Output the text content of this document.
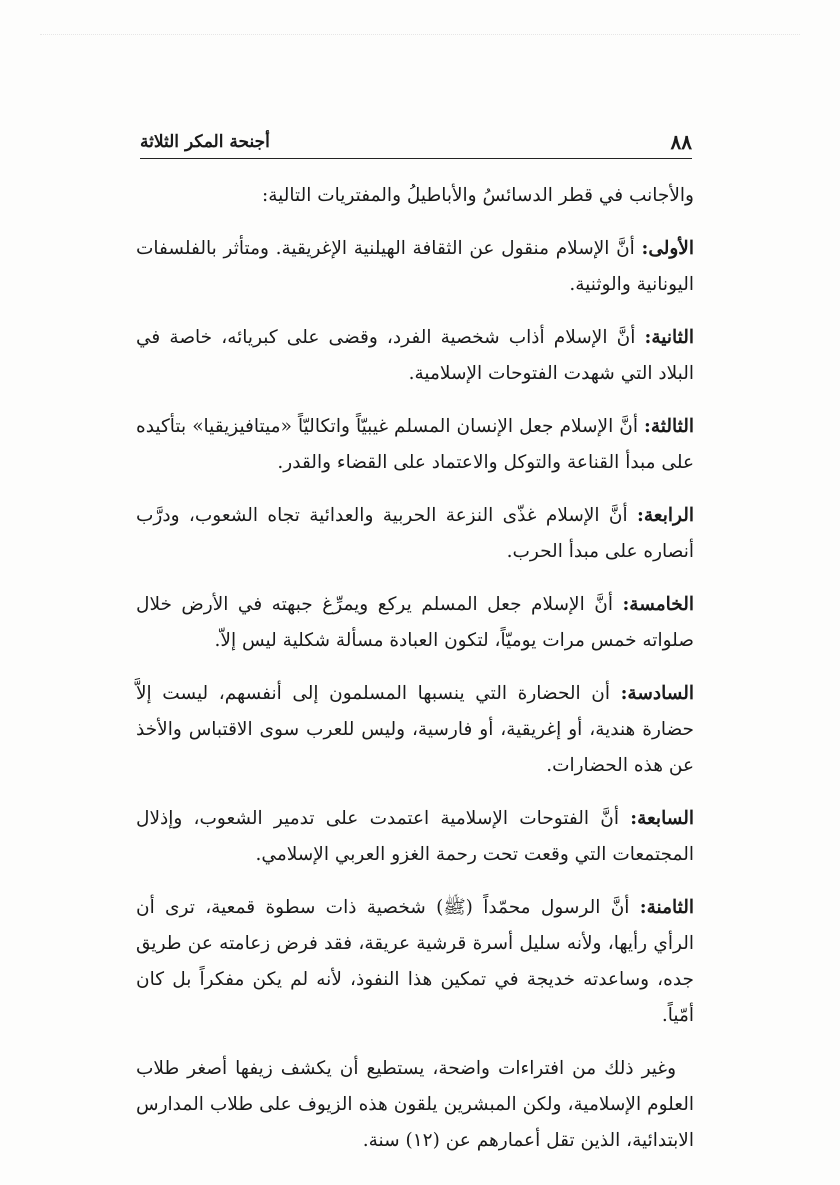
٨٨
أجنحة المكر الثلاثة

والأجانب في قطر الدسائسُ والأباطيلُ والمفتريات التالية:

الأولى: أنَّ الإسلام منقول عن الثقافة الهيلنية الإغريقية. ومتأثر بالفلسفات اليونانية والوثنية.

الثانية: أنَّ الإسلام أذاب شخصية الفرد، وقضى على كبريائه، خاصة في البلاد التي شهدت الفتوحات الإسلامية.

الثالثة: أنَّ الإسلام جعل الإنسان المسلم غيبيّاً واتكاليّاً «ميتافيزيقيا» بتأكيده على مبدأ القناعة والتوكل والاعتماد على القضاء والقدر.

الرابعة: أنَّ الإسلام غذّى النزعة الحربية والعدائية تجاه الشعوب، ودرَّب أنصاره على مبدأ الحرب.

الخامسة: أنَّ الإسلام جعل المسلم يركع ويمرِّغ جبهته في الأرض خلال صلواته خمس مرات يوميّاً، لتكون العبادة مسألة شكلية ليس إلاّ.

السادسة: أن الحضارة التي ينسبها المسلمون إلى أنفسهم، ليست إلاَّ حضارة هندية، أو إغريقية، أو فارسية، وليس للعرب سوى الاقتباس والأخذ عن هذه الحضارات.

السابعة: أنَّ الفتوحات الإسلامية اعتمدت على تدمير الشعوب، وإذلال المجتمعات التي وقعت تحت رحمة الغزو العربي الإسلامي.

الثامنة: أنَّ الرسول محمّداً (ﷺ) شخصية ذات سطوة قمعية، ترى أن الرأي رأيها، ولأنه سليل أسرة قرشية عريقة، فقد فرض زعامته عن طريق جده، وساعدته خديجة في تمكين هذا النفوذ، لأنه لم يكن مفكراً بل كان أمّياً.

وغير ذلك من افتراءات واضحة، يستطيع أن يكشف زيفها أصغر طلاب العلوم الإسلامية، ولكن المبشرين يلقون هذه الزيوف على طلاب المدارس الابتدائية، الذين تقل أعمارهم عن (١٢) سنة.
